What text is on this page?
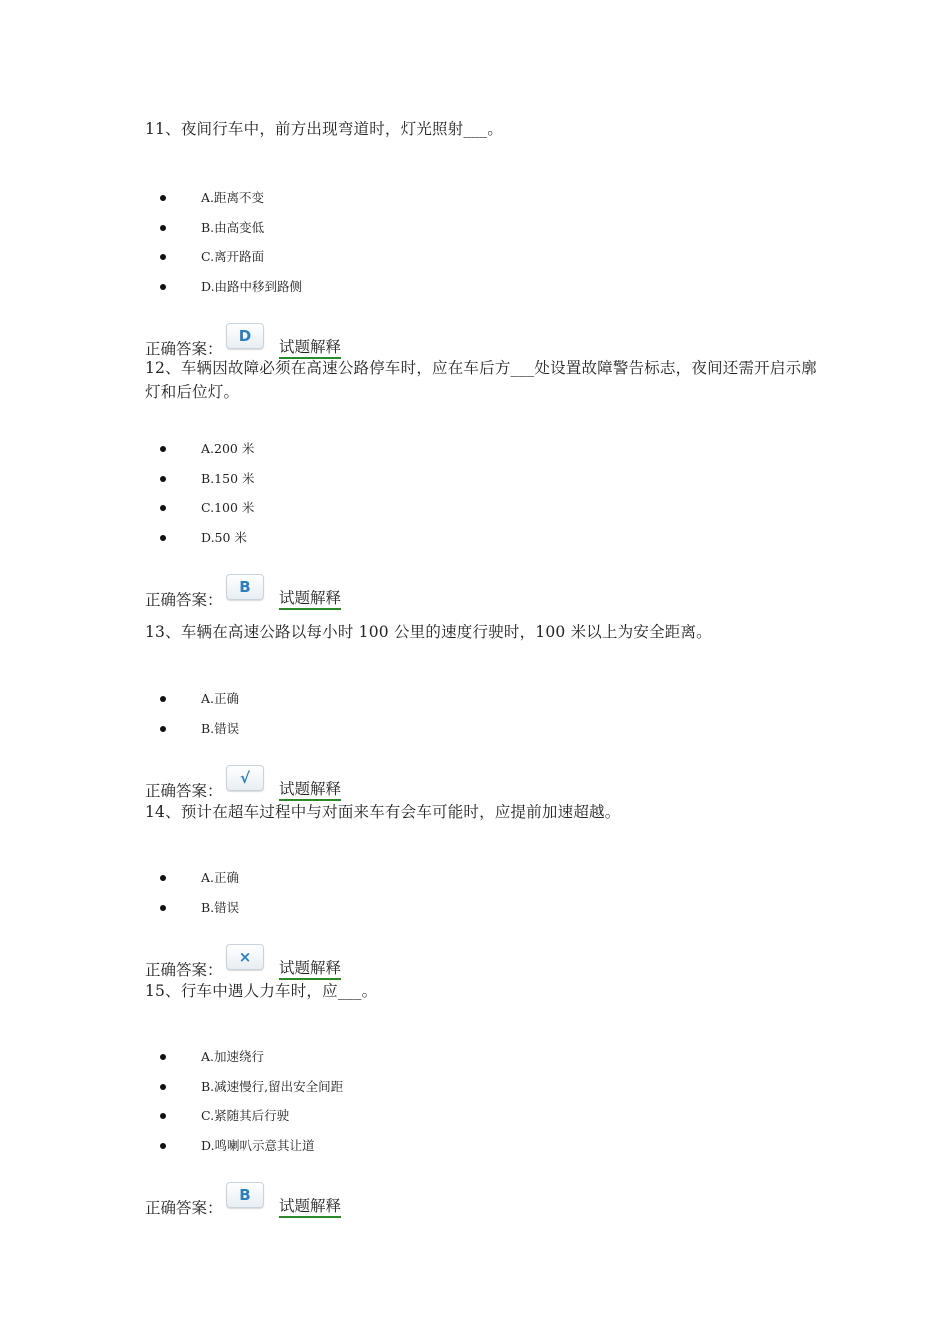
11、夜间行车中，前方出现弯道时，灯光照射___。

A.距离不变
B.由高变低
C.离开路面
D.由路中移到路侧
正确答案：
D
试题解释

12、车辆因故障必须在高速公路停车时，应在车后方___处设置故障警告标志，夜间还需开启示廓灯和后位灯。

A.200 米
B.150 米
C.100 米
D.50 米
正确答案：
B
试题解释

13、车辆在高速公路以每小时 100 公里的速度行驶时，100 米以上为安全距离。

A.正确
B.错误
正确答案：
√
试题解释

14、预计在超车过程中与对面来车有会车可能时，应提前加速超越。

A.正确
B.错误
正确答案：
×
试题解释

15、行车中遇人力车时，应___。

A.加速绕行
B.减速慢行,留出安全间距
C.紧随其后行驶
D.鸣喇叭示意其让道
正确答案：
B
试题解释
